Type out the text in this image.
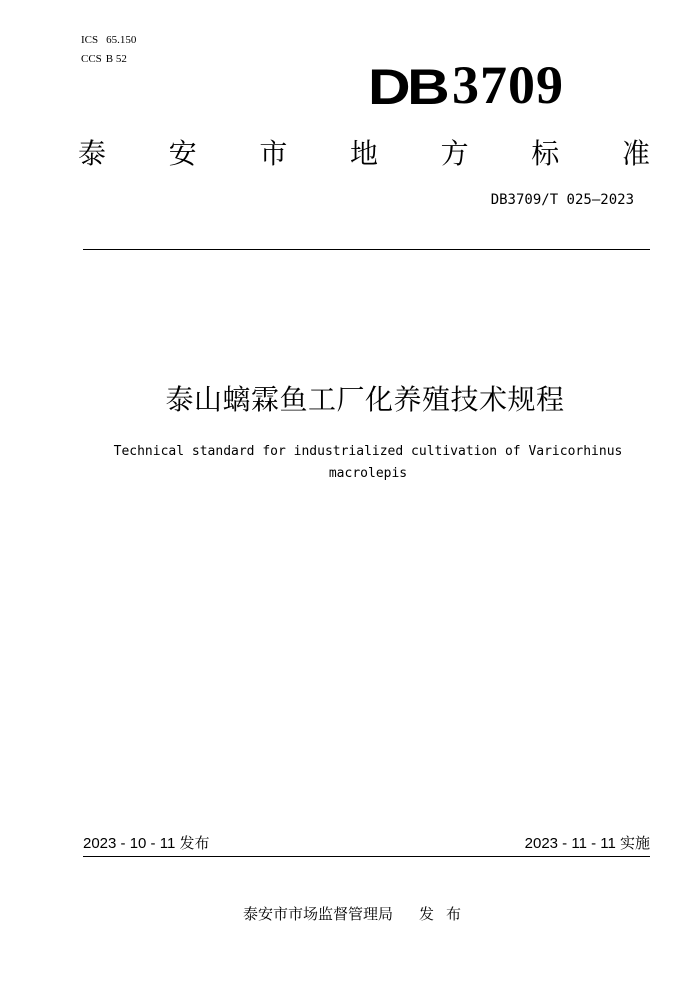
ICS 65.150
CCS B 52	DB 3709
泰 安 市 地 方 标 准
DB3709/T 025—2023
泰山螭霖鱼工厂化养殖技术规程
Technical standard for industrialized cultivation of Varicorhinus macrolepis
2023 - 10 - 11 发布	2023 - 11 - 11 实施
泰安市市场监督管理局 发布
